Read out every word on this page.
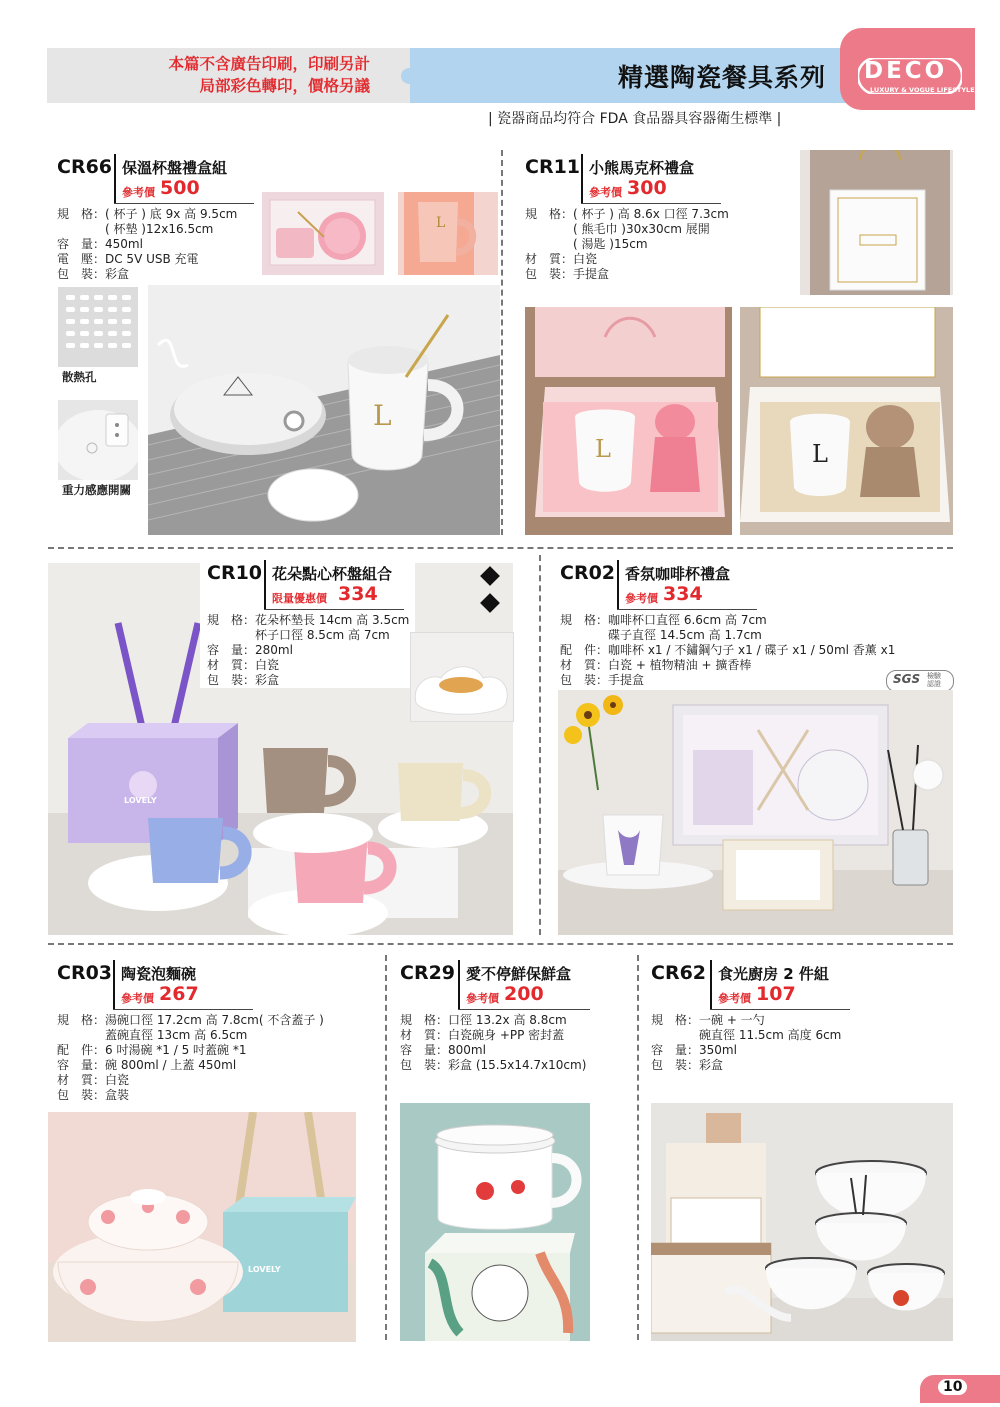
本篇不含廣告印刷，印刷另計
局部彩色轉印，價格另議	精選陶瓷餐具系列 DECO
LUXURY & VOGUE LIFESTYLE
| 瓷器商品均符合 FDA 食品器具容器衛生標準 |
CR66 保溫杯盤禮盒組
參考價 500
規　格：( 杯子 ) 底 9x 高 9.5cm
　　　　( 杯墊 )12x16.5cm
容　量：450ml
電　壓：DC 5V USB 充電
包　裝：彩盒
L
散熱孔
重力感應開關
L
CR11 小熊馬克杯禮盒
參考價 300
規　格：( 杯子 ) 高 8.6x 口徑 7.3cm
　　　　( 熊毛巾 )30x30cm 展開
　　　　( 湯匙 )15cm
材　質：白瓷
包　裝：手提盒
L	L
LOVELY
CR10 花朵點心杯盤組合
限量優惠價 334
規　格：花朵杯墊長 14cm 高 3.5cm
　　　　杯子口徑 8.5cm 高 7cm
容　量：280ml
材　質：白瓷
包　裝：彩盒
CR02 香氛咖啡杯禮盒
參考價 334
規　格：咖啡杯口直徑 6.6cm 高 7cm
　　　　碟子直徑 14.5cm 高 1.7cm
配　件：咖啡杯 x1 / 不鏽鋼勺子 x1 / 碟子 x1 / 50ml 香薰 x1
材　質：白瓷 + 植物精油 + 擴香棒
包　裝：手提盒	SGS 檢驗
認證
CR03 陶瓷泡麵碗
參考價 267
規　格：湯碗口徑 17.2cm 高 7.8cm( 不含蓋子 )
　　　　蓋碗直徑 13cm 高 6.5cm
配　件：6 吋湯碗 *1 / 5 吋蓋碗 *1
容　量：碗 800ml / 上蓋 450ml
材　質：白瓷
包　裝：盒裝
LOVELY
CR29 愛不停鮮保鮮盒
參考價 200
規　格：口徑 13.2x 高 8.8cm
材　質：白瓷碗身 +PP 密封蓋
容　量：800ml
包　裝：彩盒 (15.5x14.7x10cm)
CR62 食光廚房 2 件組
參考價 107
規　格：一碗 + 一勺
　　　　碗直徑 11.5cm 高度 6cm
容　量：350ml
包　裝：彩盒
10
